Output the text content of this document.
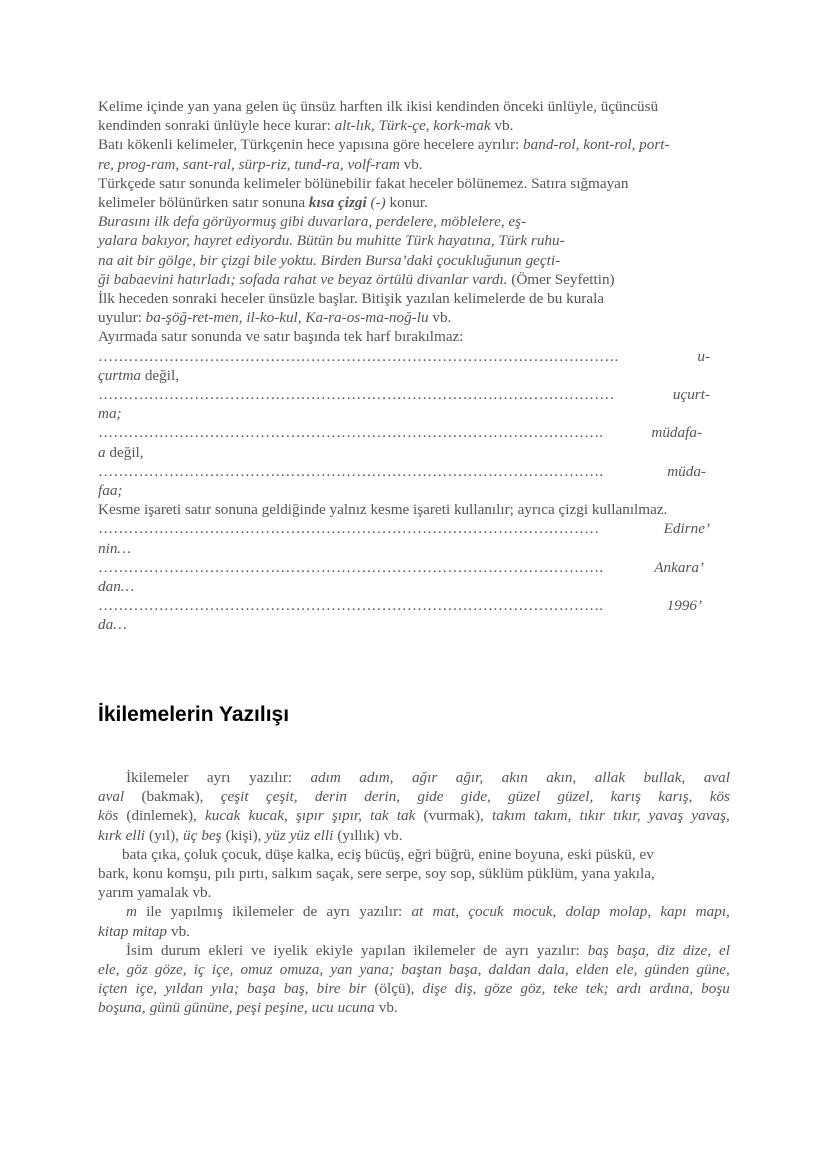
Kelime içinde yan yana gelen üç ünsüz harften ilk ikisi kendinden önceki ünlüyle, üçüncüsü
kendinden sonraki ünlüyle hece kurar: alt-lık, Türk-çe, kork-mak vb.
Batı kökenli kelimeler, Türkçenin hece yapısına göre hecelere ayrılır: band-rol, kont-rol, port-
re, prog-ram, sant-ral, sürp-riz, tund-ra, volf-ram vb.
Türkçede satır sonunda kelimeler bölünebilir fakat heceler bölünemez. Satıra sığmayan
kelimeler bölünürken satır sonuna kısa çizgi (-) konur.
Burasını ilk defa görüyormuş gibi duvarlara, perdelere, möblelere, eş-
yalara bakıyor, hayret ediyordu. Bütün bu muhitte Türk hayatına, Türk ruhu-
na ait bir gölge, bir çizgi bile yoktu. Birden Bursa’daki çocukluğunun geçti-
ği babaevini hatırladı; sofada rahat ve beyaz örtülü divanlar vardı. (Ömer Seyfettin)
İlk heceden sonraki heceler ünsüzle başlar. Bitişik yazılan kelimelerde de bu kurala
uyulur: ba-şöğ-ret-men, il-ko-kul, Ka-ra-os-ma-noğ-lu vb.
Ayırmada satır sonunda ve satır başında tek harf bırakılmaz:
………………………………………………………………………………………….	u-
çurtma değil,
…………………………………………………………………………………………	uçurt-
ma;
……………………………………………………………………………………….	müdafa-
a değil,
……………………………………………………………………………………….	müda-
faa;
Kesme işareti satır sonuna geldiğinde yalnız kesme işareti kullanılır; ayrıca çizgi kullanılmaz.
………………………………………………………………………………………	Edirne’
nin…
……………………………………………………………………………………….	Ankara’
dan…
……………………………………………………………………………………….	1996’
da…
İkilemelerin Yazılışı
İkilemeler ayrı yazılır: adım adım, ağır ağır, akın akın, allak bullak, aval
aval (bakmak), çeşit çeşit, derin derin, gide gide, güzel güzel, karış karış, kös
kös (dinlemek), kucak kucak, şıpır şıpır, tak tak (vurmak), takım takım, tıkır tıkır, yavaş yavaş,
kırk elli (yıl), üç beş (kişi), yüz yüz elli (yıllık) vb.
bata çıka, çoluk çocuk, düşe kalka, eciş bücüş, eğri büğrü, enine boyuna, eski püskü, ev
bark, konu komşu, pılı pırtı, salkım saçak, sere serpe, soy sop, süklüm püklüm, yana yakıla,
yarım yamalak vb.
m ile yapılmış ikilemeler de ayrı yazılır: at mat, çocuk mocuk, dolap molap, kapı mapı,
kitap mitap vb.
İsim durum ekleri ve iyelik ekiyle yapılan ikilemeler de ayrı yazılır: baş başa, diz dize, el
ele, göz göze, iç içe, omuz omuza, yan yana; baştan başa, daldan dala, elden ele, günden güne,
içten içe, yıldan yıla; başa baş, bire bir (ölçü), dişe diş, göze göz, teke tek; ardı ardına, boşu
boşuna, günü gününe, peşi peşine, ucu ucuna vb.
